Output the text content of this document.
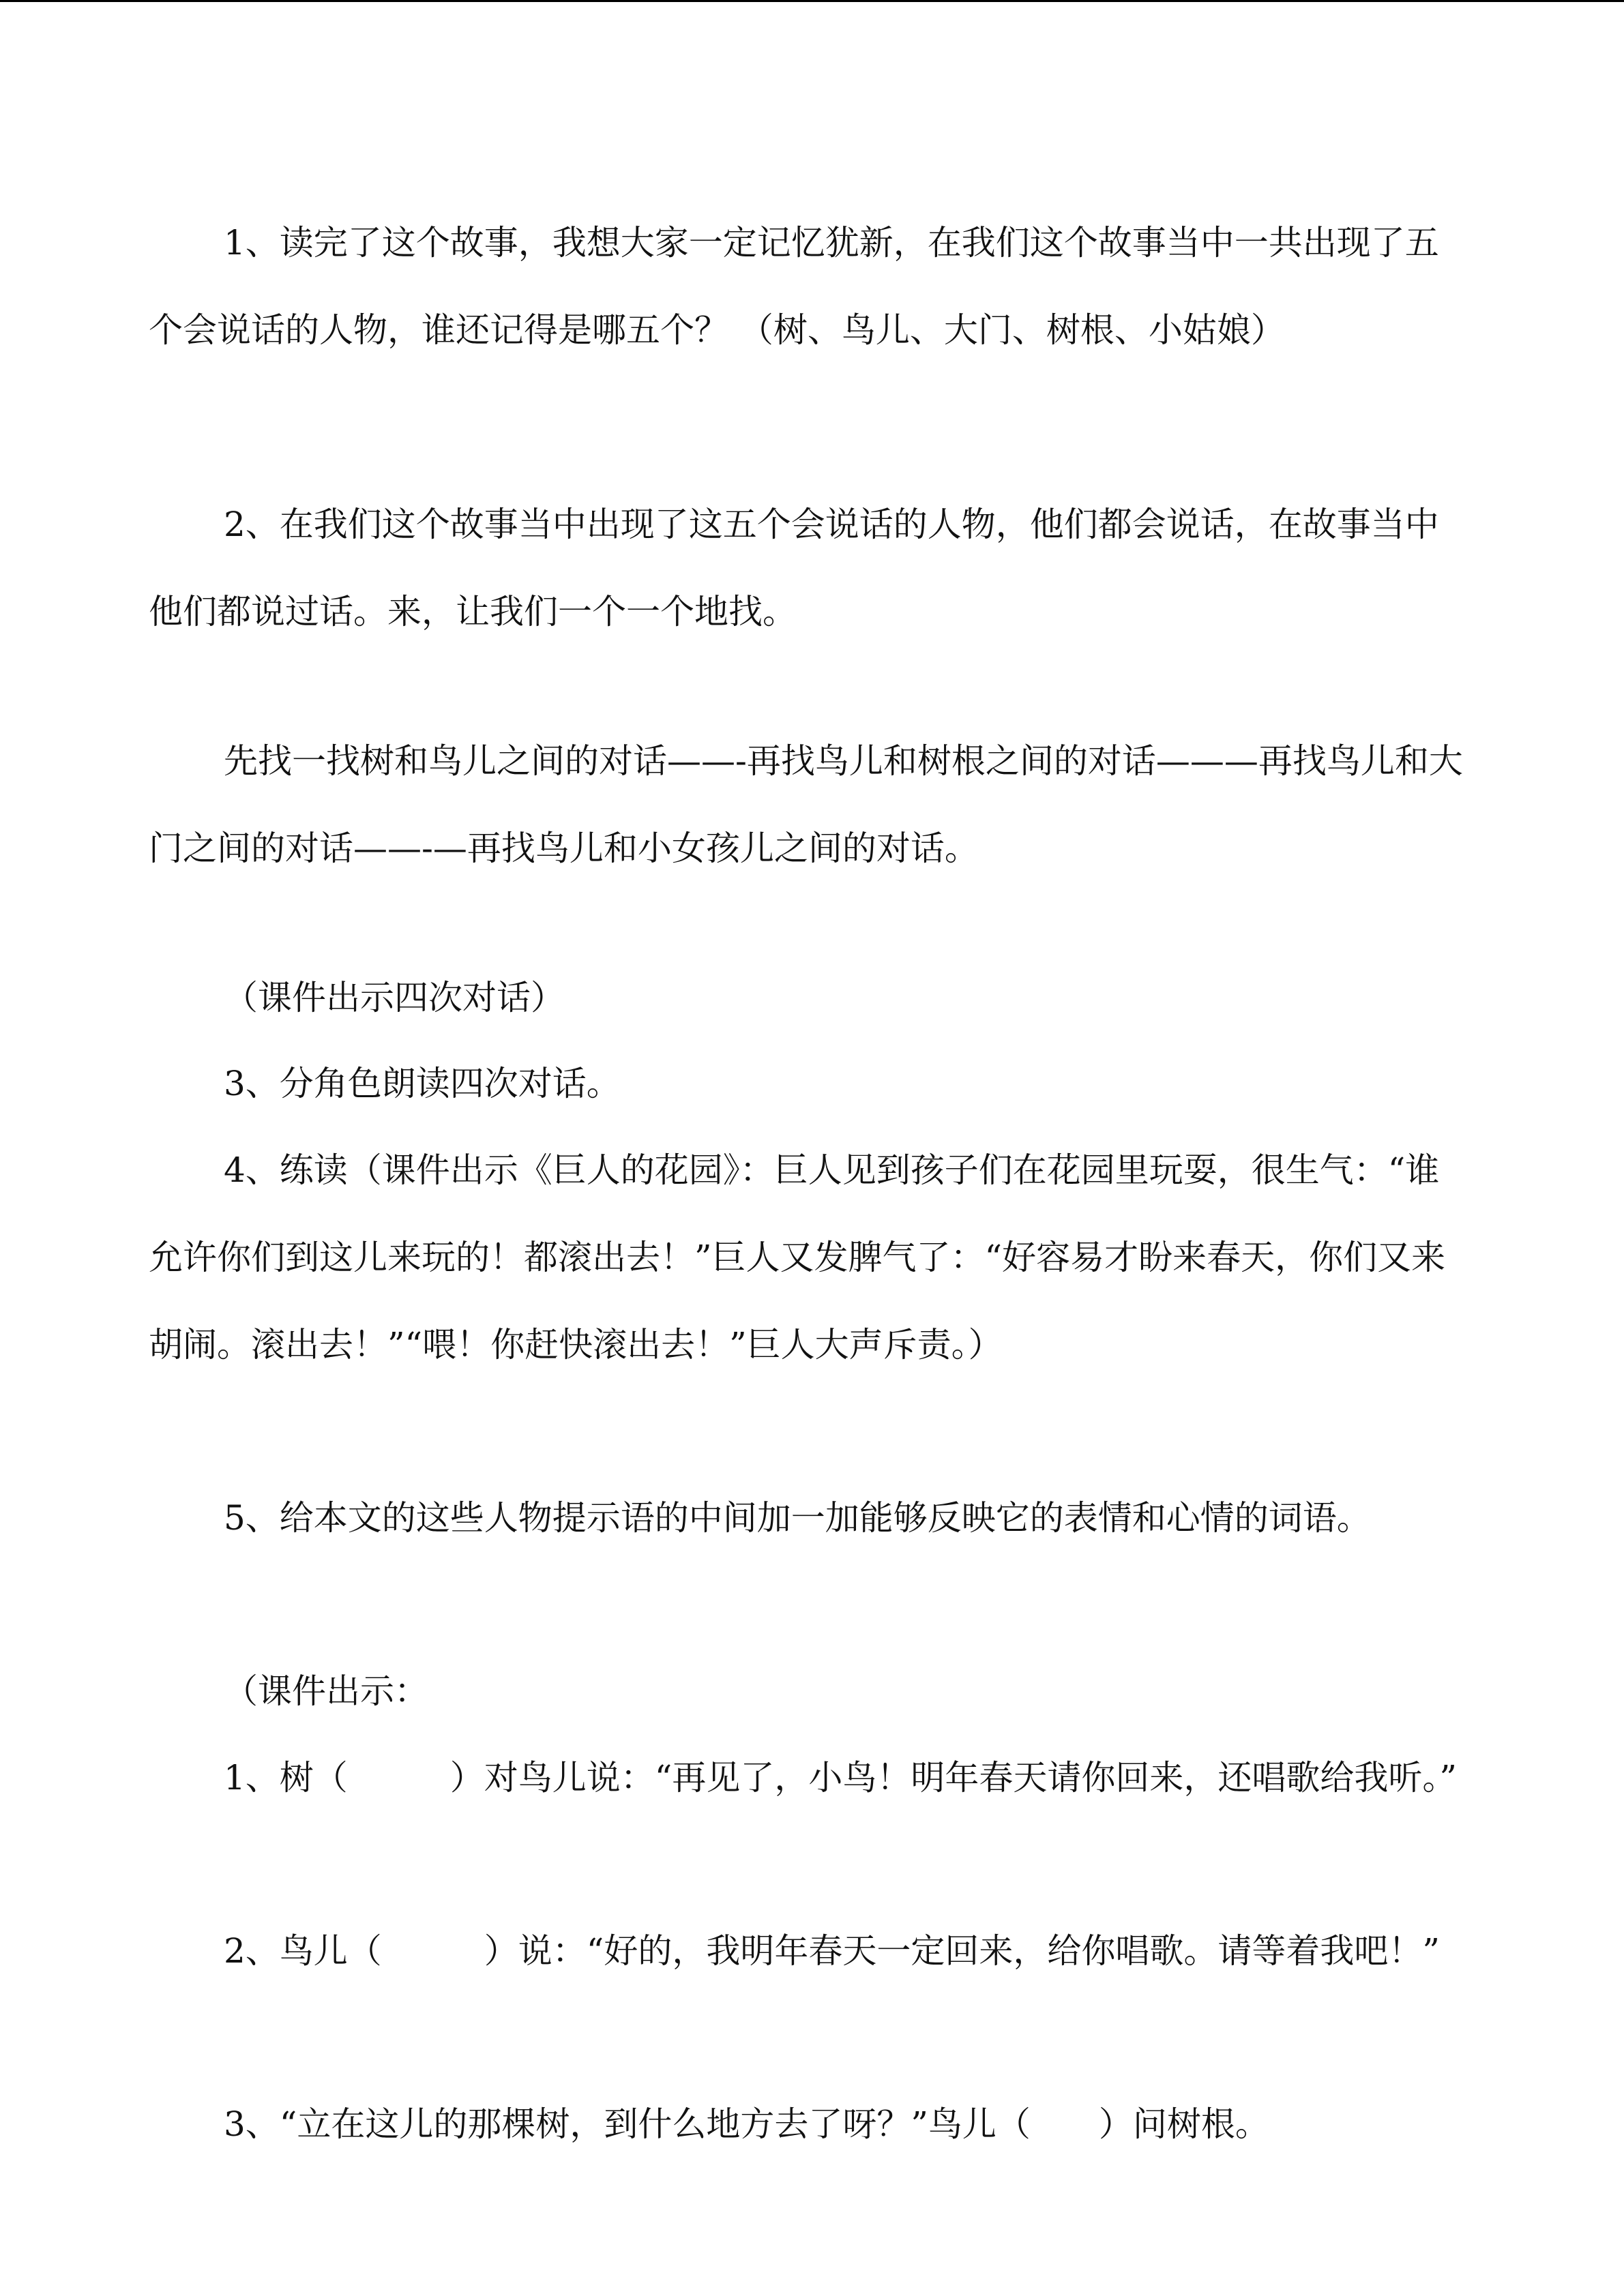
1、读完了这个故事，我想大家一定记忆犹新，在我们这个故事当中一共出现了五个会说话的人物，谁还记得是哪五个？ （树、鸟儿、大门、树根、小姑娘）

2、在我们这个故事当中出现了这五个会说话的人物，他们都会说话，在故事当中他们都说过话。来，让我们一个一个地找。

先找一找树和鸟儿之间的对话——-再找鸟儿和树根之间的对话———再找鸟儿和大门之间的对话——-—再找鸟儿和小女孩儿之间的对话。

（课件出示四次对话）

3、分角色朗读四次对话。

4、练读（课件出示《巨人的花园》：巨人见到孩子们在花园里玩耍，很生气：“谁允许你们到这儿来玩的！都滚出去！”巨人又发脾气了：“好容易才盼来春天，你们又来胡闹。滚出去！”“喂！你赶快滚出去！”巨人大声斥责。）

5、给本文的这些人物提示语的中间加一加能够反映它的表情和心情的词语。

（课件出示：

1、树（　　　）对鸟儿说：“再见了，小鸟！明年春天请你回来，还唱歌给我听。”

2、鸟儿（　　　）说：“好的，我明年春天一定回来，给你唱歌。请等着我吧！”

3、“立在这儿的那棵树，到什么地方去了呀？”鸟儿（　　）问树根。
